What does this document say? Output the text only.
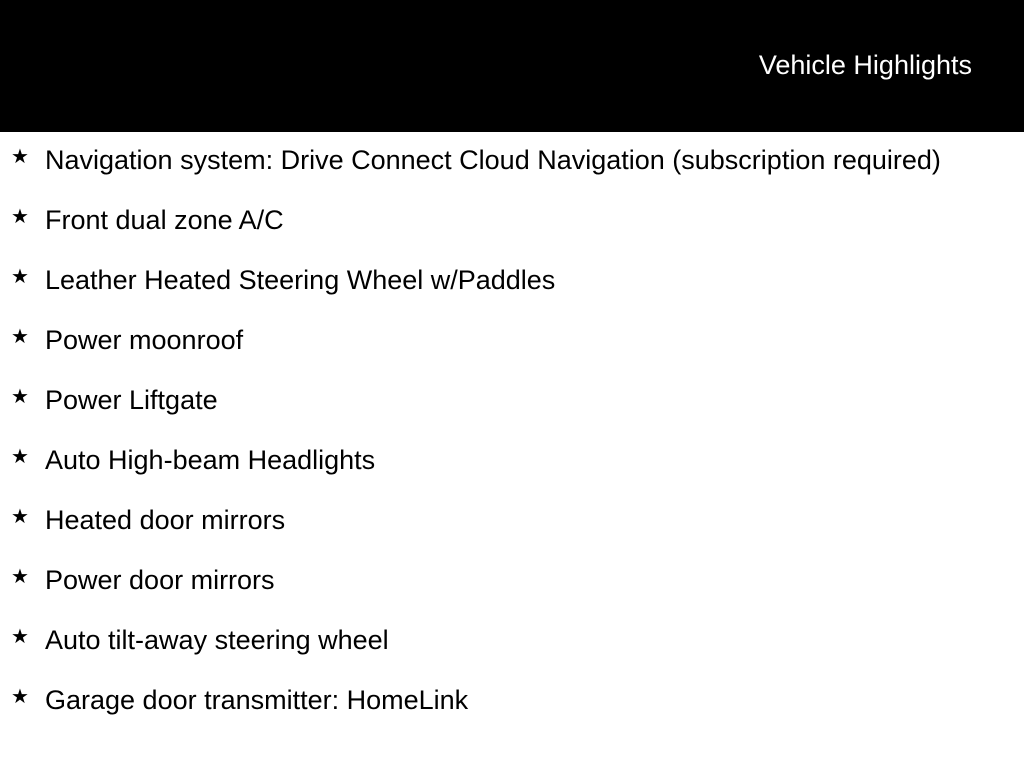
Vehicle Highlights
★ Navigation system: Drive Connect Cloud Navigation (subscription required)
★ Front dual zone A/C
★ Leather Heated Steering Wheel w/Paddles
★ Power moonroof
★ Power Liftgate
★ Auto High-beam Headlights
★ Heated door mirrors
★ Power door mirrors
★ Auto tilt-away steering wheel
★ Garage door transmitter: HomeLink
